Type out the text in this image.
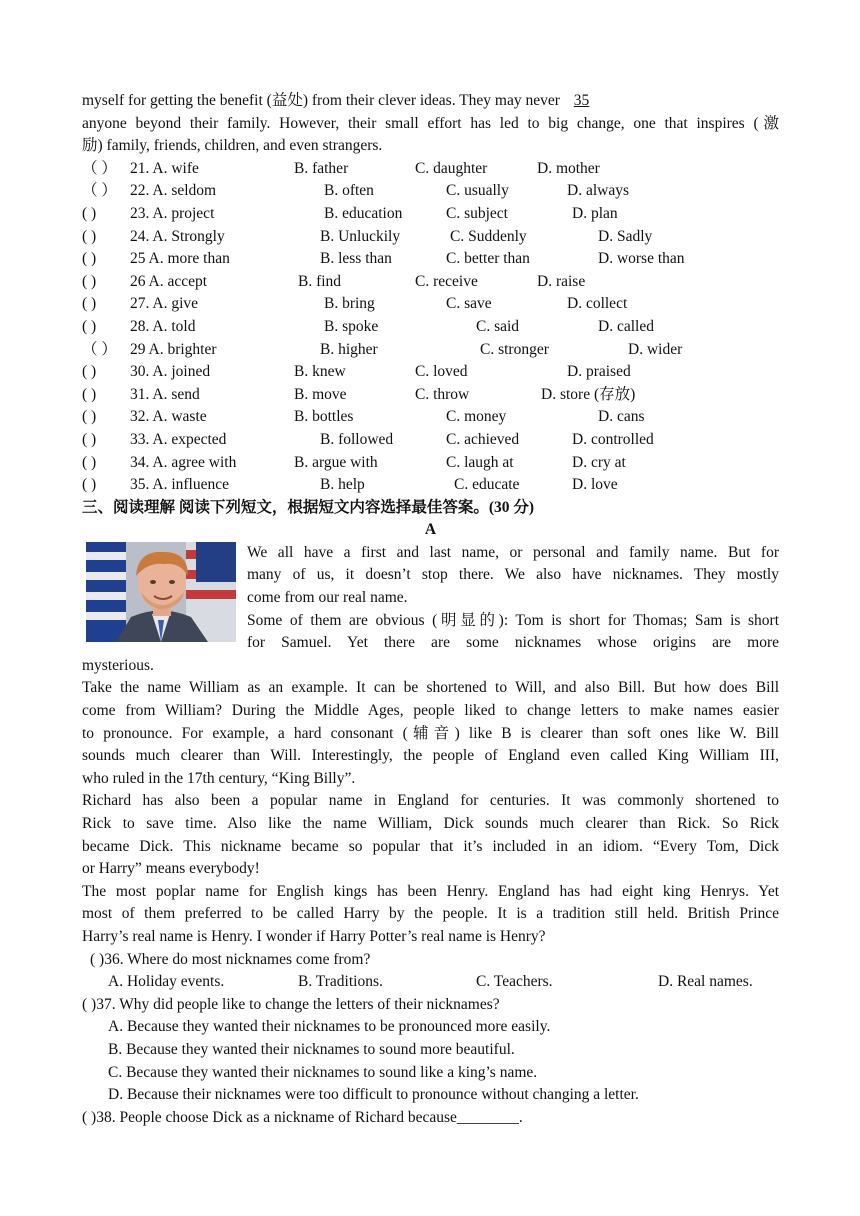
myself for getting the benefit (益处) from their clever ideas. They may never 35
anyone beyond their family. However, their small effort has led to big change, one that inspires (激
励) family, friends, children, and even strangers.
（ ） 21. A. wife	B. father	C. daughter	D. mother
（ ） 22. A. seldom	B. often	C. usually	D. always
( ) 23. A. project	B. education	C. subject	D. plan
( ) 24. A. Strongly	B. Unluckily	C. Suddenly	D. Sadly
( ) 25 A. more than	B. less than	C. better than	D. worse than
( ) 26 A. accept	B. find	C. receive	D. raise
( ) 27. A. give	B. bring	C. save	D. collect
( ) 28. A. told	B. spoke	C. said	D. called
（ ） 29 A. brighter	B. higher	C. stronger	D. wider
( ) 30. A. joined	B. knew	C. loved	D. praised
( ) 31. A. send	B. move	C. throw	D. store (存放)
( ) 32. A. waste	B. bottles	C. money	D. cans
( ) 33. A. expected	B. followed	C. achieved	D. controlled
( ) 34. A. agree with	B. argue with	C. laugh at	D. cry at
( ) 35. A. influence	B. help	C. educate	D. love
三、阅读理解 阅读下列短文，根据短文内容选择最佳答案。(30 分)
A
We all have a first and last name, or personal and family name. But for
many of us, it doesn’t stop there. We also have nicknames. They mostly
come from our real name.
Some of them are obvious (明显的): Tom is short for Thomas; Sam is short
for Samuel. Yet there are some nicknames whose origins are more
mysterious.
Take the name William as an example. It can be shortened to Will, and also Bill. But how does Bill
come from William? During the Middle Ages, people liked to change letters to make names easier
to pronounce. For example, a hard consonant (辅音) like B is clearer than soft ones like W. Bill
sounds much clearer than Will. Interestingly, the people of England even called King William III,
who ruled in the 17th century, “King Billy”.
Richard has also been a popular name in England for centuries. It was commonly shortened to
Rick to save time. Also like the name William, Dick sounds much clearer than Rick. So Rick
became Dick. This nickname became so popular that it’s included in an idiom. “Every Tom, Dick
or Harry” means everybody!
The most poplar name for English kings has been Henry. England has had eight king Henrys. Yet
most of them preferred to be called Harry by the people. It is a tradition still held. British Prince
Harry’s real name is Henry. I wonder if Harry Potter’s real name is Henry?
( )36. Where do most nicknames come from?
A. Holiday events.	B. Traditions.	C. Teachers.	D. Real names.
( )37. Why did people like to change the letters of their nicknames?
A. Because they wanted their nicknames to be pronounced more easily.
B. Because they wanted their nicknames to sound more beautiful.
C. Because they wanted their nicknames to sound like a king’s name.
D. Because their nicknames were too difficult to pronounce without changing a letter.
( )38. People choose Dick as a nickname of Richard because________.
